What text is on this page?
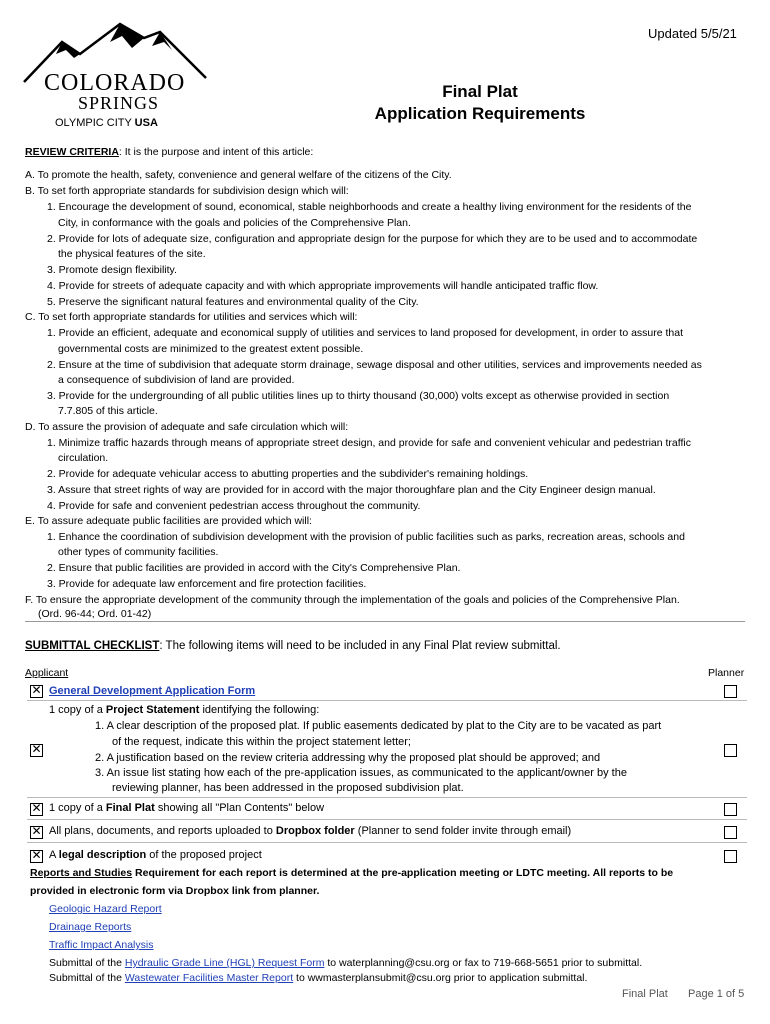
Updated 5/5/21
COLORADO
SPRINGS
OLYMPIC CITY USA
Final Plat
Application Requirements
REVIEW CRITERIA: It is the purpose and intent of this article:
A. To promote the health, safety, convenience and general welfare of the citizens of the City.
B. To set forth appropriate standards for subdivision design which will:
1. Encourage the development of sound, economical, stable neighborhoods and create a healthy living environment for the residents of the
City, in conformance with the goals and policies of the Comprehensive Plan.
2. Provide for lots of adequate size, configuration and appropriate design for the purpose for which they are to be used and to accommodate
the physical features of the site.
3. Promote design flexibility.
4. Provide for streets of adequate capacity and with which appropriate improvements will handle anticipated traffic flow.
5. Preserve the significant natural features and environmental quality of the City.
C. To set forth appropriate standards for utilities and services which will:
1. Provide an efficient, adequate and economical supply of utilities and services to land proposed for development, in order to assure that
governmental costs are minimized to the greatest extent possible.
2. Ensure at the time of subdivision that adequate storm drainage, sewage disposal and other utilities, services and improvements needed as
a consequence of subdivision of land are provided.
3. Provide for the undergrounding of all public utilities lines up to thirty thousand (30,000) volts except as otherwise provided in section
7.7.805 of this article.
D. To assure the provision of adequate and safe circulation which will:
1. Minimize traffic hazards through means of appropriate street design, and provide for safe and convenient vehicular and pedestrian traffic
circulation.
2. Provide for adequate vehicular access to abutting properties and the subdivider's remaining holdings.
3. Assure that street rights of way are provided for in accord with the major thoroughfare plan and the City Engineer design manual.
4. Provide for safe and convenient pedestrian access throughout the community.
E. To assure adequate public facilities are provided which will:
1. Enhance the coordination of subdivision development with the provision of public facilities such as parks, recreation areas, schools and
other types of community facilities.
2. Ensure that public facilities are provided in accord with the City's Comprehensive Plan.
3. Provide for adequate law enforcement and fire protection facilities.
F. To ensure the appropriate development of the community through the implementation of the goals and policies of the Comprehensive Plan.
(Ord. 96-44; Ord. 01-42)
SUBMITTAL CHECKLIST: The following items will need to be included in any Final Plat review submittal.
Applicant	Planner
✕
General Development Application Form
✕
1 copy of a Project Statement identifying the following:
1. A clear description of the proposed plat. If public easements dedicated by plat to the City are to be vacated as part
of the request, indicate this within the project statement letter;
2. A justification based on the review criteria addressing why the proposed plat should be approved; and
3. An issue list stating how each of the pre-application issues, as communicated to the applicant/owner by the
reviewing planner, has been addressed in the proposed subdivision plat.
✕
1 copy of a Final Plat showing all "Plan Contents" below
✕
All plans, documents, and reports uploaded to Dropbox folder (Planner to send folder invite through email)
✕
A legal description of the proposed project
Reports and Studies Requirement for each report is determined at the pre-application meeting or LDTC meeting. All reports to be
provided in electronic form via Dropbox link from planner.
Geologic Hazard Report
Drainage Reports
Traffic Impact Analysis
Submittal of the Hydraulic Grade Line (HGL) Request Form to waterplanning@csu.org or fax to 719-668-5651 prior to submittal.
Submittal of the Wastewater Facilities Master Report to wwmasterplansubmit@csu.org prior to application submittal.
Final Plat Page 1 of 5
